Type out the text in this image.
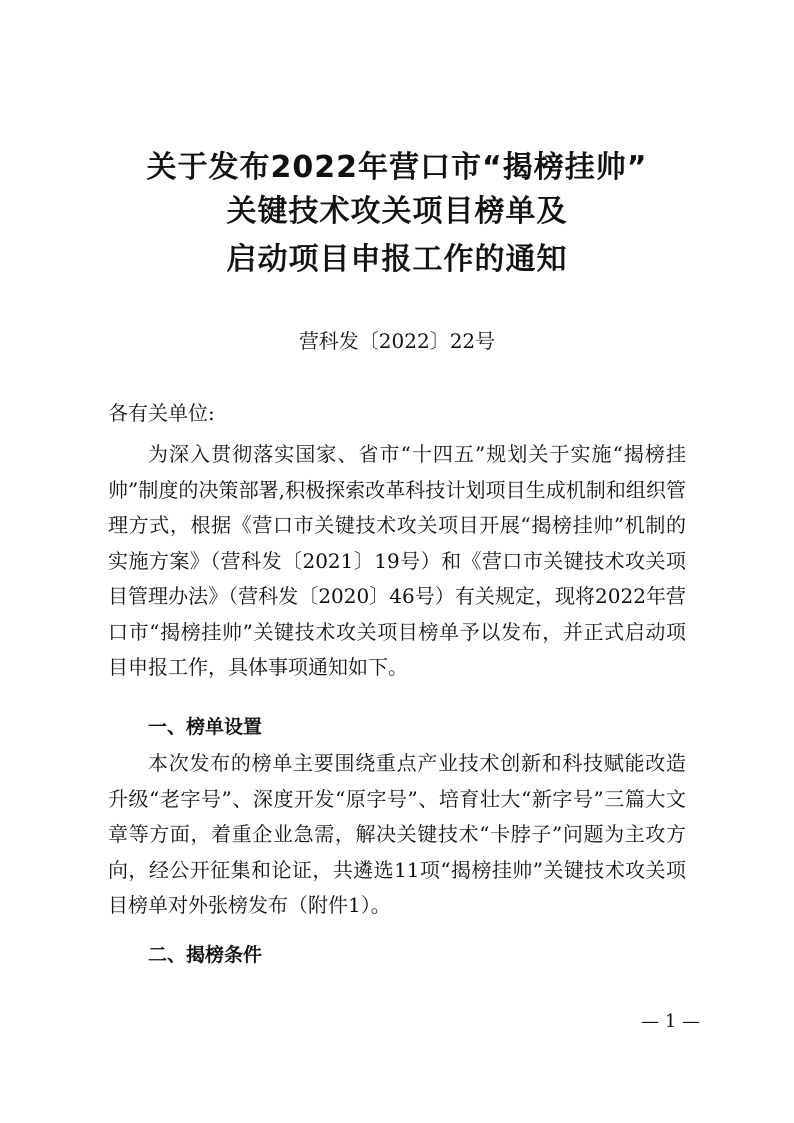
关于发布2022年营口市“揭榜挂帅”
关键技术攻关项目榜单及
启动项目申报工作的通知
营科发〔2022〕22号
各有关单位:

为深入贯彻落实国家、省市“十四五”规划关于实施“揭榜挂帅”制度的决策部署,积极探索改革科技计划项目生成机制和组织管理方式，根据《营口市关键技术攻关项目开展“揭榜挂帅”机制的实施方案》（营科发〔2021〕19号）和《营口市关键技术攻关项目管理办法》（营科发〔2020〕46号）有关规定，现将2022年营口市“揭榜挂帅”关键技术攻关项目榜单予以发布，并正式启动项目申报工作，具体事项通知如下。

一、榜单设置

本次发布的榜单主要围绕重点产业技术创新和科技赋能改造升级“老字号”、深度开发“原字号”、培育壮大“新字号”三篇大文章等方面，着重企业急需，解决关键技术“卡脖子”问题为主攻方向，经公开征集和论证，共遴选11项“揭榜挂帅”关键技术攻关项目榜单对外张榜发布（附件1）。

二、揭榜条件
— 1 —
